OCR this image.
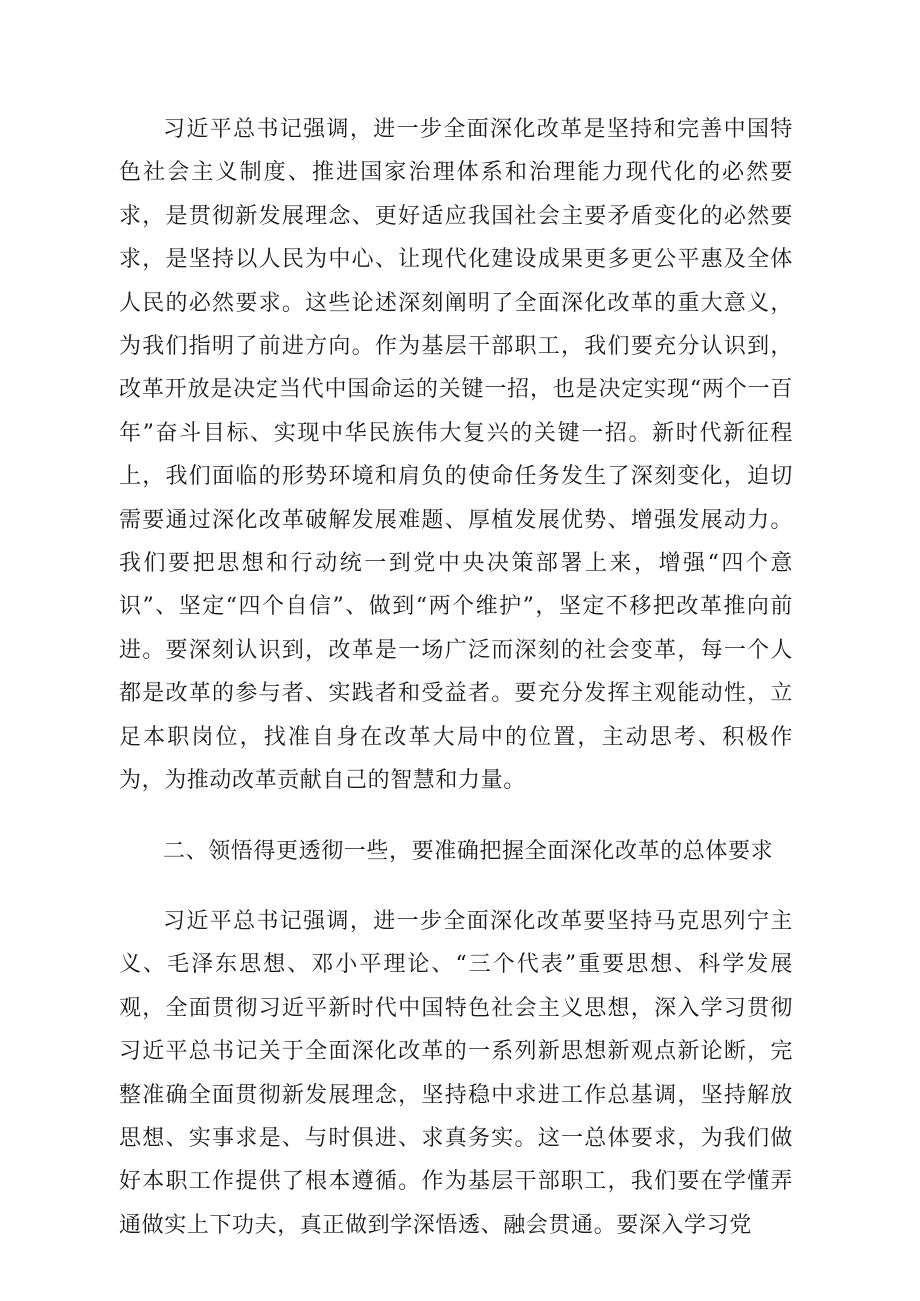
习近平总书记强调，进一步全面深化改革是坚持和完善中国特色社会主义制度、推进国家治理体系和治理能力现代化的必然要求，是贯彻新发展理念、更好适应我国社会主要矛盾变化的必然要求，是坚持以人民为中心、让现代化建设成果更多更公平惠及全体人民的必然要求。这些论述深刻阐明了全面深化改革的重大意义，为我们指明了前进方向。作为基层干部职工，我们要充分认识到，改革开放是决定当代中国命运的关键一招，也是决定实现“两个一百年”奋斗目标、实现中华民族伟大复兴的关键一招。新时代新征程上，我们面临的形势环境和肩负的使命任务发生了深刻变化，迫切需要通过深化改革破解发展难题、厚植发展优势、增强发展动力。我们要把思想和行动统一到党中央决策部署上来，增强“四个意识”、坚定“四个自信”、做到“两个维护”，坚定不移把改革推向前进。要深刻认识到，改革是一场广泛而深刻的社会变革，每一个人都是改革的参与者、实践者和受益者。要充分发挥主观能动性，立足本职岗位，找准自身在改革大局中的位置，主动思考、积极作为，为推动改革贡献自己的智慧和力量。

二、领悟得更透彻一些，要准确把握全面深化改革的总体要求

习近平总书记强调，进一步全面深化改革要坚持马克思列宁主义、毛泽东思想、邓小平理论、“三个代表”重要思想、科学发展观，全面贯彻习近平新时代中国特色社会主义思想，深入学习贯彻习近平总书记关于全面深化改革的一系列新思想新观点新论断，完整准确全面贯彻新发展理念，坚持稳中求进工作总基调，坚持解放思想、实事求是、与时俱进、求真务实。这一总体要求，为我们做好本职工作提供了根本遵循。作为基层干部职工，我们要在学懂弄通做实上下功夫，真正做到学深悟透、融会贯通。要深入学习党
